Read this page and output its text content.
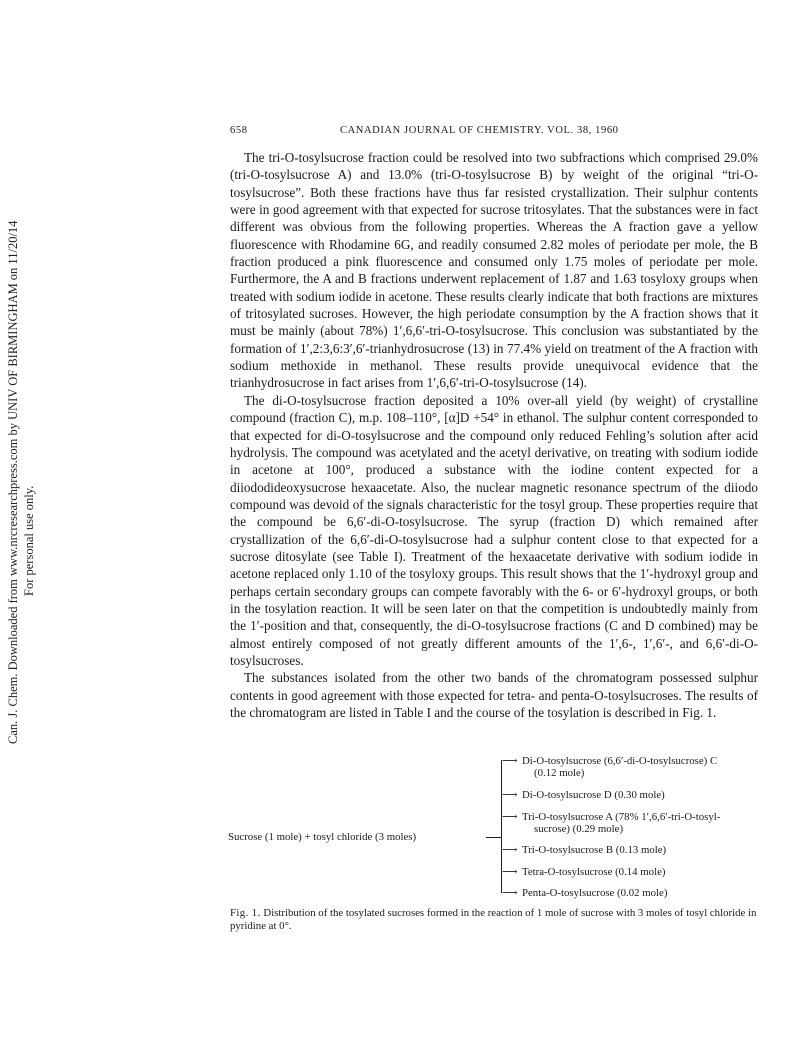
Can. J. Chem. Downloaded from www.nrcresearchpress.com by UNIV OF BIRMINGHAM on 11/20/14 For personal use only.
658	CANADIAN JOURNAL OF CHEMISTRY. VOL. 38, 1960

The tri-O-tosylsucrose fraction could be resolved into two subfractions which comprised 29.0% (tri-O-tosylsucrose A) and 13.0% (tri-O-tosylsucrose B) by weight of the original “tri-O-tosylsucrose”. Both these fractions have thus far resisted crystallization. Their sulphur contents were in good agreement with that expected for sucrose tritosylates. That the substances were in fact different was obvious from the following properties. Whereas the A fraction gave a yellow fluorescence with Rhodamine 6G, and readily consumed 2.82 moles of periodate per mole, the B fraction produced a pink fluorescence and consumed only 1.75 moles of periodate per mole. Furthermore, the A and B fractions underwent replacement of 1.87 and 1.63 tosyloxy groups when treated with sodium iodide in acetone. These results clearly indicate that both fractions are mixtures of tritosylated sucroses. However, the high periodate consumption by the A fraction shows that it must be mainly (about 78%) 1′,6,6′-tri-O-tosylsucrose. This conclusion was substantiated by the formation of 1′,2:3,6:3′,6′-trianhydrosucrose (13) in 77.4% yield on treatment of the A fraction with sodium methoxide in methanol. These results provide unequivocal evidence that the trianhydrosucrose in fact arises from 1′,6,6′-tri-O-tosylsucrose (14).

The di-O-tosylsucrose fraction deposited a 10% over-all yield (by weight) of crystalline compound (fraction C), m.p. 108–110°, [α]D +54° in ethanol. The sulphur content corresponded to that expected for di-O-tosylsucrose and the compound only reduced Fehling’s solution after acid hydrolysis. The compound was acetylated and the acetyl derivative, on treating with sodium iodide in acetone at 100°, produced a substance with the iodine content expected for a diiododideoxysucrose hexaacetate. Also, the nuclear magnetic resonance spectrum of the diiodo compound was devoid of the signals characteristic for the tosyl group. These properties require that the compound be 6,6′-di-O-tosylsucrose. The syrup (fraction D) which remained after crystallization of the 6,6′-di-O-tosylsucrose had a sulphur content close to that expected for a sucrose ditosylate (see Table I). Treatment of the hexaacetate derivative with sodium iodide in acetone replaced only 1.10 of the tosyloxy groups. This result shows that the 1′-hydroxyl group and perhaps certain secondary groups can compete favorably with the 6- or 6′-hydroxyl groups, or both in the tosylation reaction. It will be seen later on that the competition is undoubtedly mainly from the 1′-position and that, consequently, the di-O-tosylsucrose fractions (C and D combined) may be almost entirely composed of not greatly different amounts of the 1′,6-, 1′,6′-, and 6,6′-di-O-tosylsucroses.

The substances isolated from the other two bands of the chromatogram possessed sulphur contents in good agreement with those expected for tetra- and penta-O-tosylsucroses. The results of the chromatogram are listed in Table I and the course of the tosylation is described in Fig. 1.

Sucrose (1 mole) + tosyl chloride (3 moles)
⟶ Di-O-tosylsucrose (6,6′-di-O-tosylsucrose) C
(0.12 mole)
⟶ Di-O-tosylsucrose D (0.30 mole)
⟶ Tri-O-tosylsucrose A (78% 1′,6,6′-tri-O-tosyl-
sucrose) (0.29 mole)
⟶ Tri-O-tosylsucrose B (0.13 mole)
⟶ Tetra-O-tosylsucrose (0.14 mole)
⟶ Penta-O-tosylsucrose (0.02 mole)
Fig. 1. Distribution of the tosylated sucroses formed in the reaction of 1 mole of sucrose with 3 moles of tosyl chloride in pyridine at 0°.
